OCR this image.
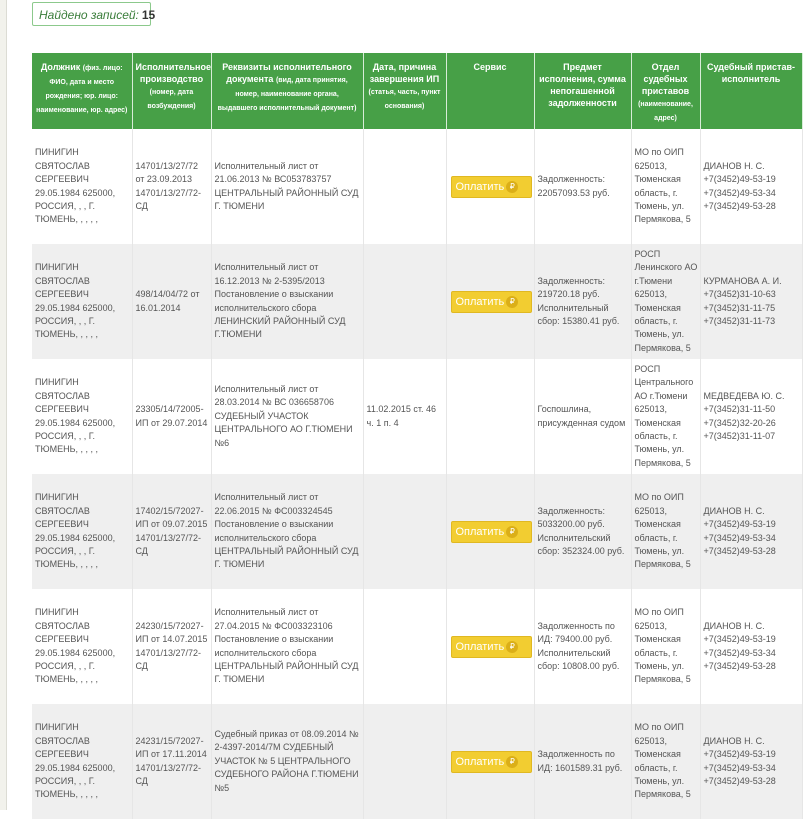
Найдено записей: 15
Должник (физ. лицо: ФИО, дата и место рождения; юр. лицо: наименование, юр. адрес)	Исполнительное производство (номер, дата возбуждения)	Реквизиты исполнительного документа (вид, дата принятия, номер, наименование органа, выдавшего исполнительный документ)	Дата, причина завершения ИП (статья, часть, пункт основания)	Сервис	Предмет исполнения, сумма непогашенной задолженности	Отдел судебных приставов (наименование, адрес)	Судебный пристав-исполнитель
ПИНИГИН СВЯТОСЛАВ СЕРГЕЕВИЧ 29.05.1984 625000, РОССИЯ, , , Г. ТЮМЕНЬ, , , , ,	14701/13/27/72 от 23.09.2013 14701/13/27/72-СД	Исполнительный лист от 21.06.2013 № ВС053783757 ЦЕНТРАЛЬНЫЙ РАЙОННЫЙ СУД Г. ТЮМЕНИ		Оплатить ₽	Задолженность: 22057093.53 руб.	МО по ОИП 625013, Тюменская область, г. Тюмень, ул. Пермякова, 5	ДИАНОВ Н. С. +7(3452)49-53-19 +7(3452)49-53-34 +7(3452)49-53-28
ПИНИГИН СВЯТОСЛАВ СЕРГЕЕВИЧ 29.05.1984 625000, РОССИЯ, , , Г. ТЮМЕНЬ, , , , ,	498/14/04/72 от 16.01.2014	Исполнительный лист от 16.12.2013 № 2-5395/2013 Постановление о взыскании исполнительского сбора ЛЕНИНСКИЙ РАЙОННЫЙ СУД Г.ТЮМЕНИ		Оплатить ₽	Задолженность: 219720.18 руб. Исполнительный сбор: 15380.41 руб.	РОСП Ленинского АО г.Тюмени 625013, Тюменская область, г. Тюмень, ул. Пермякова, 5	КУРМАНОВА А. И. +7(3452)31-10-63 +7(3452)31-11-75 +7(3452)31-11-73
ПИНИГИН СВЯТОСЛАВ СЕРГЕЕВИЧ 29.05.1984 625000, РОССИЯ, , , Г. ТЮМЕНЬ, , , , ,	23305/14/72005-ИП от 29.07.2014	Исполнительный лист от 28.03.2014 № ВС 036658706 СУДЕБНЫЙ УЧАСТОК ЦЕНТРАЛЬНОГО АО Г.ТЮМЕНИ №6	11.02.2015 ст. 46 ч. 1 п. 4		Госпошлина, присужденная судом	РОСП Центрального АО г.Тюмени 625013, Тюменская область, г. Тюмень, ул. Пермякова, 5	МЕДВЕДЕВА Ю. С. +7(3452)31-11-50 +7(3452)32-20-26 +7(3452)31-11-07
ПИНИГИН СВЯТОСЛАВ СЕРГЕЕВИЧ 29.05.1984 625000, РОССИЯ, , , Г. ТЮМЕНЬ, , , , ,	17402/15/72027-ИП от 09.07.2015 14701/13/27/72-СД	Исполнительный лист от 22.06.2015 № ФС003324545 Постановление о взыскании исполнительского сбора ЦЕНТРАЛЬНЫЙ РАЙОННЫЙ СУД Г. ТЮМЕНИ		Оплатить ₽	Задолженность: 5033200.00 руб. Исполнительский сбор: 352324.00 руб.	МО по ОИП 625013, Тюменская область, г. Тюмень, ул. Пермякова, 5	ДИАНОВ Н. С. +7(3452)49-53-19 +7(3452)49-53-34 +7(3452)49-53-28
ПИНИГИН СВЯТОСЛАВ СЕРГЕЕВИЧ 29.05.1984 625000, РОССИЯ, , , Г. ТЮМЕНЬ, , , , ,	24230/15/72027-ИП от 14.07.2015 14701/13/27/72-СД	Исполнительный лист от 27.04.2015 № ФС003323106 Постановление о взыскании исполнительского сбора ЦЕНТРАЛЬНЫЙ РАЙОННЫЙ СУД Г. ТЮМЕНИ		Оплатить ₽	Задолженность по ИД: 79400.00 руб. Исполнительский сбор: 10808.00 руб.	МО по ОИП 625013, Тюменская область, г. Тюмень, ул. Пермякова, 5	ДИАНОВ Н. С. +7(3452)49-53-19 +7(3452)49-53-34 +7(3452)49-53-28
ПИНИГИН СВЯТОСЛАВ СЕРГЕЕВИЧ 29.05.1984 625000, РОССИЯ, , , Г. ТЮМЕНЬ, , , , ,	24231/15/72027-ИП от 17.11.2014 14701/13/27/72-СД	Судебный приказ от 08.09.2014 № 2-4397-2014/7М СУДЕБНЫЙ УЧАСТОК № 5 ЦЕНТРАЛЬНОГО СУДЕБНОГО РАЙОНА Г.ТЮМЕНИ №5		Оплатить ₽	Задолженность по ИД: 1601589.31 руб.	МО по ОИП 625013, Тюменская область, г. Тюмень, ул. Пермякова, 5	ДИАНОВ Н. С. +7(3452)49-53-19 +7(3452)49-53-34 +7(3452)49-53-28
